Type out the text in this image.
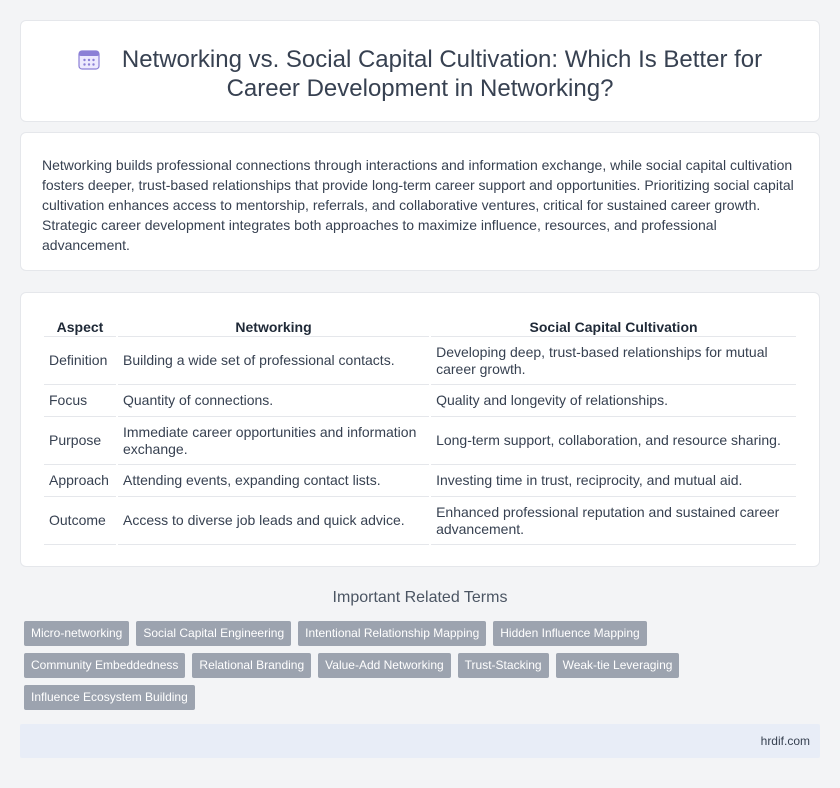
Networking vs. Social Capital Cultivation: Which Is Better for
Career Development in Networking?

Networking builds professional connections through interactions and information exchange, while social capital cultivation fosters deeper, trust-based relationships that provide long-term career support and opportunities. Prioritizing social capital cultivation enhances access to mentorship, referrals, and collaborative ventures, critical for sustained career growth. Strategic career development integrates both approaches to maximize influence, resources, and professional advancement.

Aspect	Networking	Social Capital Cultivation
Definition	Building a wide set of professional contacts.	Developing deep, trust-based relationships for mutual career growth.
Focus	Quantity of connections.	Quality and longevity of relationships.
Purpose	Immediate career opportunities and information exchange.	Long-term support, collaboration, and resource sharing.
Approach	Attending events, expanding contact lists.	Investing time in trust, reciprocity, and mutual aid.
Outcome	Access to diverse job leads and quick advice.	Enhanced professional reputation and sustained career advancement.
Important Related Terms
Micro-networking	Social Capital Engineering	Intentional Relationship Mapping	Hidden Influence Mapping
Community Embeddedness	Relational Branding	Value-Add Networking	Trust-Stacking	Weak-tie Leveraging
Influence Ecosystem Building
hrdif.com
